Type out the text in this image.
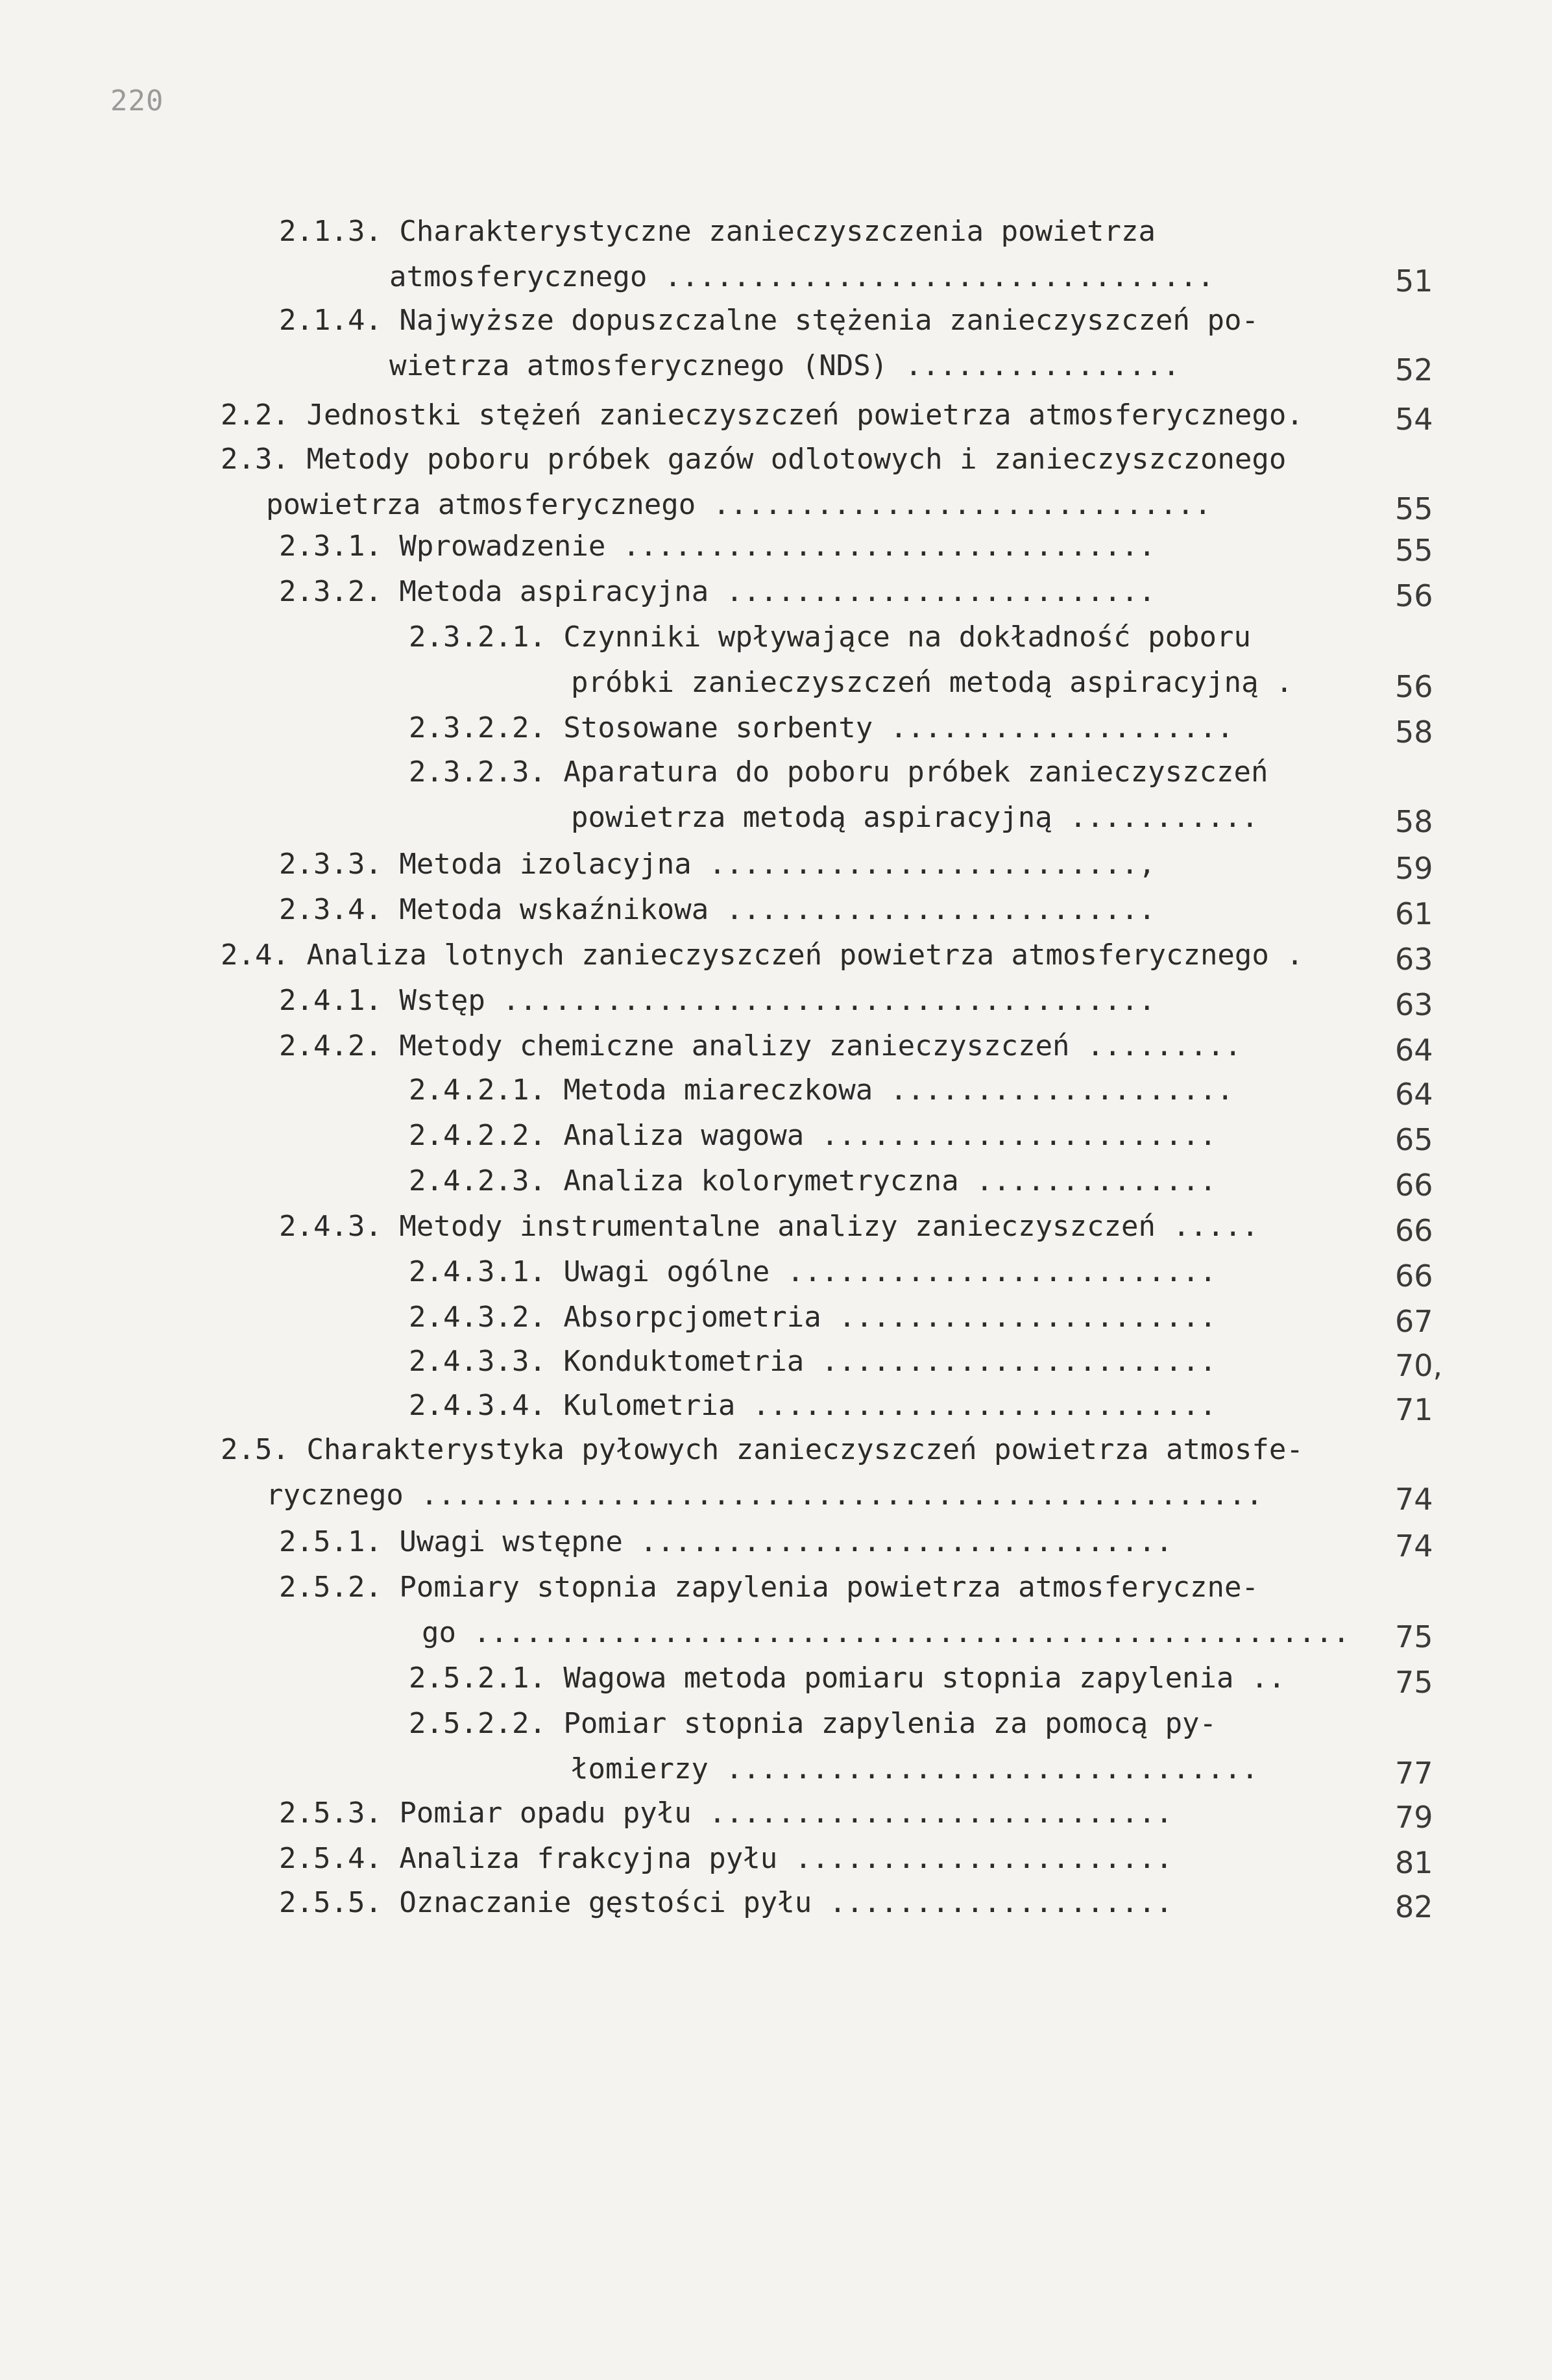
220
2.1.3. Charakterystyczne zanieczyszczenia powietrza
atmosferycznego ................................	51
2.1.4. Najwyższe dopuszczalne stężenia zanieczyszczeń po-
wietrza atmosferycznego (NDS) ................	52
2.2. Jednostki stężeń zanieczyszczeń powietrza atmosferycznego.	54
2.3. Metody poboru próbek gazów odlotowych i zanieczyszczonego
powietrza atmosferycznego .............................	55
2.3.1. Wprowadzenie ...............................	55
2.3.2. Metoda aspiracyjna .........................	56
2.3.2.1. Czynniki wpływające na dokładność poboru
próbki zanieczyszczeń metodą aspiracyjną .	56
2.3.2.2. Stosowane sorbenty ....................	58
2.3.2.3. Aparatura do poboru próbek zanieczyszczeń
powietrza metodą aspiracyjną ...........	58
2.3.3. Metoda izolacyjna .........................,	59
2.3.4. Metoda wskaźnikowa .........................	61
2.4. Analiza lotnych zanieczyszczeń powietrza atmosferycznego .	63
2.4.1. Wstęp ......................................	63
2.4.2. Metody chemiczne analizy zanieczyszczeń .........	64
2.4.2.1. Metoda miareczkowa ....................	64
2.4.2.2. Analiza wagowa .......................	65
2.4.2.3. Analiza kolorymetryczna ..............	66
2.4.3. Metody instrumentalne analizy zanieczyszczeń .....	66
2.4.3.1. Uwagi ogólne .........................	66
2.4.3.2. Absorpcjometria ......................	67
2.4.3.3. Konduktometria .......................	70,
2.4.3.4. Kulometria ...........................	71
2.5. Charakterystyka pyłowych zanieczyszczeń powietrza atmosfe-
rycznego .................................................	74
2.5.1. Uwagi wstępne ...............................	74
2.5.2. Pomiary stopnia zapylenia powietrza atmosferyczne-
go ...................................................	75
2.5.2.1. Wagowa metoda pomiaru stopnia zapylenia ..	75
2.5.2.2. Pomiar stopnia zapylenia za pomocą py-
łomierzy ...............................	77
2.5.3. Pomiar opadu pyłu ...........................	79
2.5.4. Analiza frakcyjna pyłu ......................	81
2.5.5. Oznaczanie gęstości pyłu ....................	82
